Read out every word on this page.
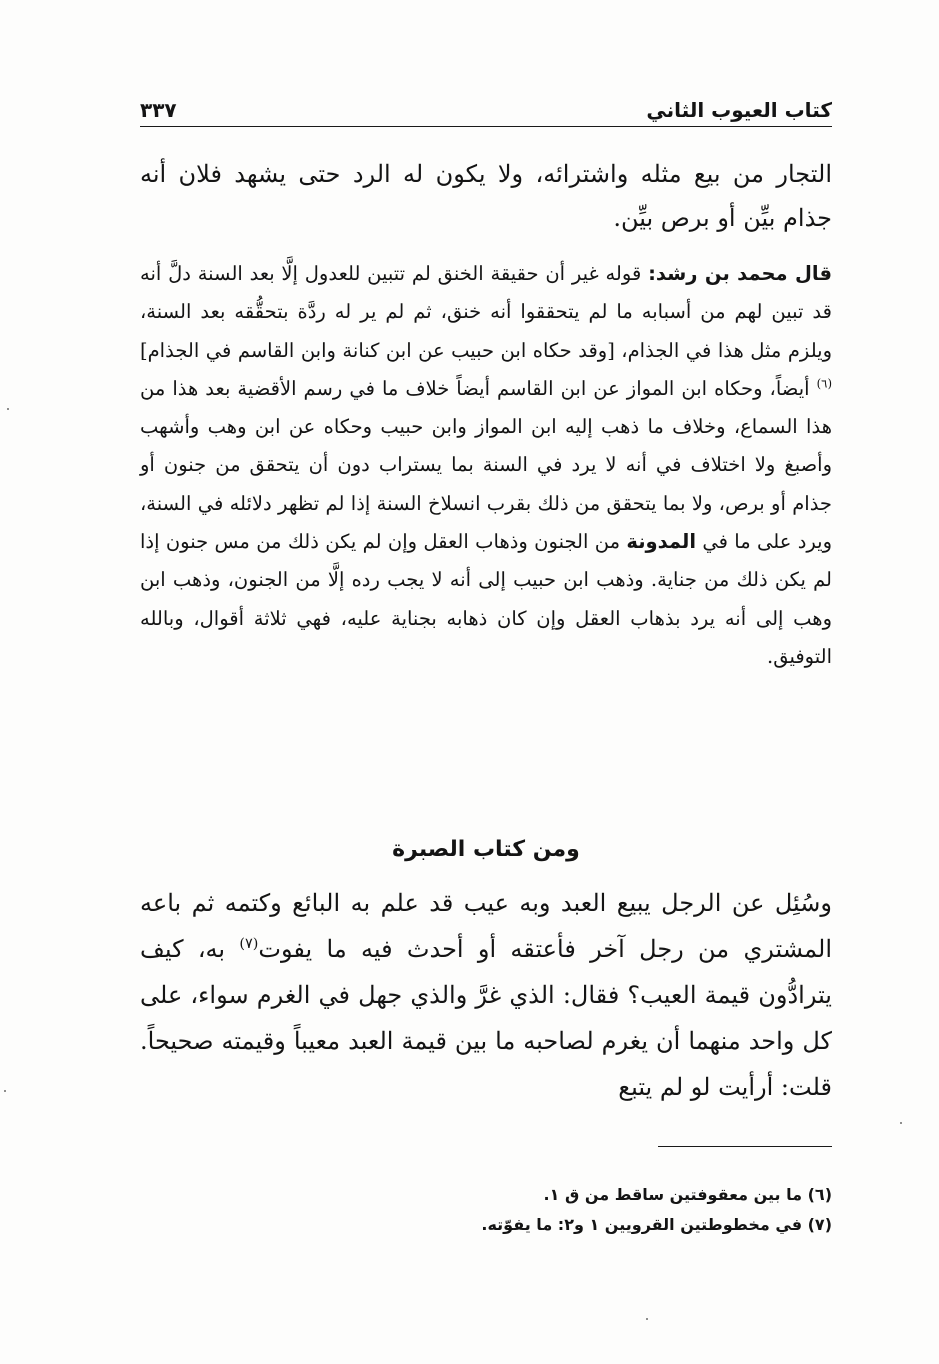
كتاب العيوب الثاني
٣٣٧

التجار من بيع مثله واشترائه، ولا يكون له الرد حتى يشهد فلان أنه جذام بيِّن أو برص بيِّن.

قال محمد بن رشد: قوله غير أن حقيقة الخنق لم تتبين للعدول إلَّا بعد السنة دلَّ أنه قد تبين لهم من أسبابه ما لم يتحققوا أنه خنق، ثم لم ير له ردَّة بتحقُّقه بعد السنة، ويلزم مثل هذا في الجذام، [وقد حكاه ابن حبيب عن ابن كنانة وابن القاسم في الجذام]$^{(٦)}$ أيضاً، وحكاه ابن المواز عن ابن القاسم أيضاً خلاف ما في رسم الأقضية بعد هذا من هذا السماع، وخلاف ما ذهب إليه ابن المواز وابن حبيب وحكاه عن ابن وهب وأشهب وأصبغ ولا اختلاف في أنه لا يرد في السنة بما يستراب دون أن يتحقق من جنون أو جذام أو برص، ولا بما يتحقق من ذلك بقرب انسلاخ السنة إذا لم تظهر دلائله في السنة، ويرد على ما في المدونة من الجنون وذهاب العقل وإن لم يكن ذلك من مس جنون إذا لم يكن ذلك من جناية. وذهب ابن حبيب إلى أنه لا يجب رده إلَّا من الجنون، وذهب ابن وهب إلى أنه يرد بذهاب العقل وإن كان ذهابه بجناية عليه، فهي ثلاثة أقوال، وبالله التوفيق.

ومن كتاب الصبرة

وسُئِل عن الرجل يبيع العبد وبه عيب قد علم به البائع وكتمه ثم باعه المشتري من رجل آخر فأعتقه أو أحدث فيه ما يفوت$^{(٧)}$ به، كيف يترادُّون قيمة العيب؟ فقال: الذي غرَّ والذي جهل في الغرم سواء، على كل واحد منهما أن يغرم لصاحبه ما بين قيمة العبد معيباً وقيمته صحيحاً. قلت: أرأيت لو لم يتبع

(٦) ما بين معقوفتين ساقط من ق ١.

(٧) في مخطوطتين القرويين ١ و٢: ما يفوّته.
